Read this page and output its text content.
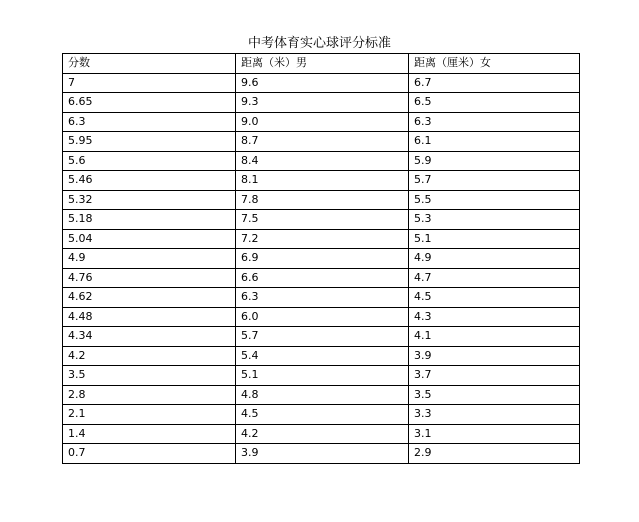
中考体育实心球评分标准
分数	距离（米）男	距离（厘米）女
7	9.6	6.7
6.65	9.3	6.5
6.3	9.0	6.3
5.95	8.7	6.1
5.6	8.4	5.9
5.46	8.1	5.7
5.32	7.8	5.5
5.18	7.5	5.3
5.04	7.2	5.1
4.9	6.9	4.9
4.76	6.6	4.7
4.62	6.3	4.5
4.48	6.0	4.3
4.34	5.7	4.1
4.2	5.4	3.9
3.5	5.1	3.7
2.8	4.8	3.5
2.1	4.5	3.3
1.4	4.2	3.1
0.7	3.9	2.9
